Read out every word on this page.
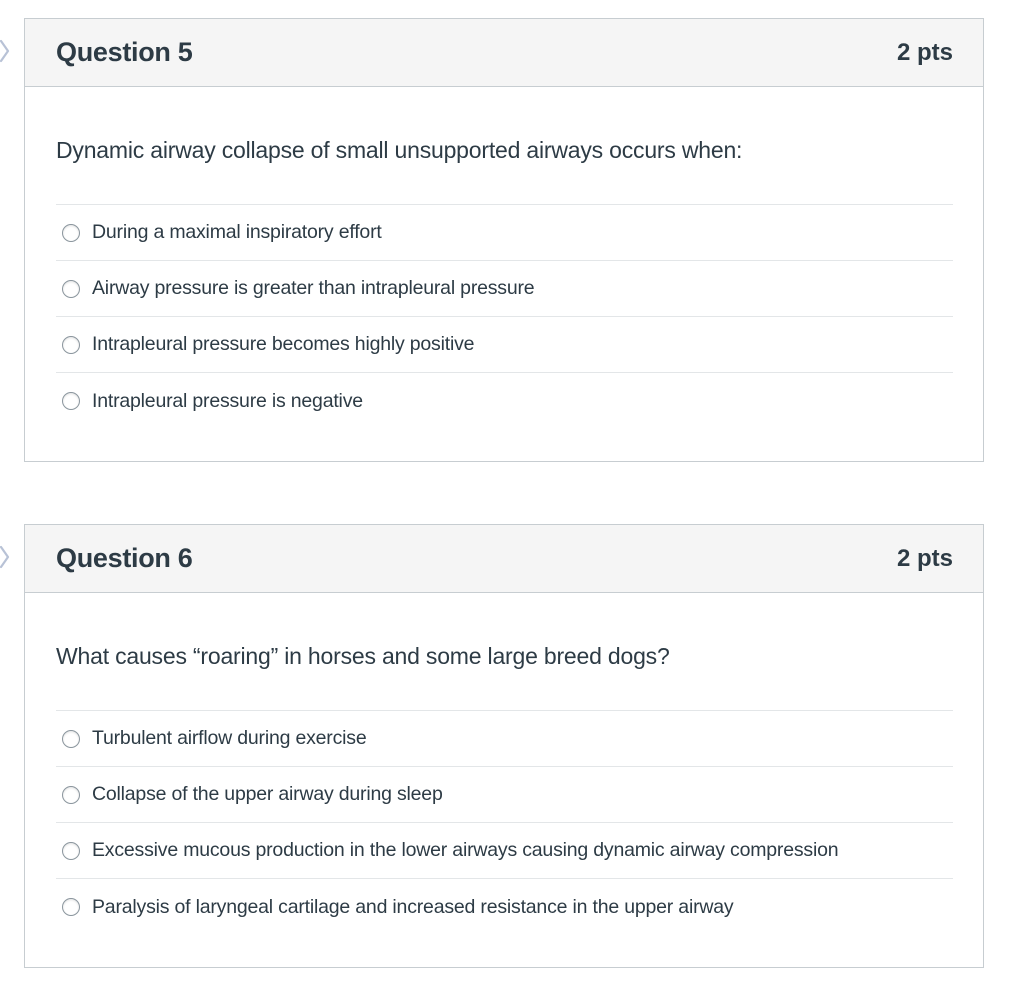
Question 5	2 pts
Dynamic airway collapse of small unsupported airways occurs when:
During a maximal inspiratory effort
Airway pressure is greater than intrapleural pressure
Intrapleural pressure becomes highly positive
Intrapleural pressure is negative
Question 6	2 pts
What causes “roaring” in horses and some large breed dogs?
Turbulent airflow during exercise
Collapse of the upper airway during sleep
Excessive mucous production in the lower airways causing dynamic airway compression
Paralysis of laryngeal cartilage and increased resistance in the upper airway
